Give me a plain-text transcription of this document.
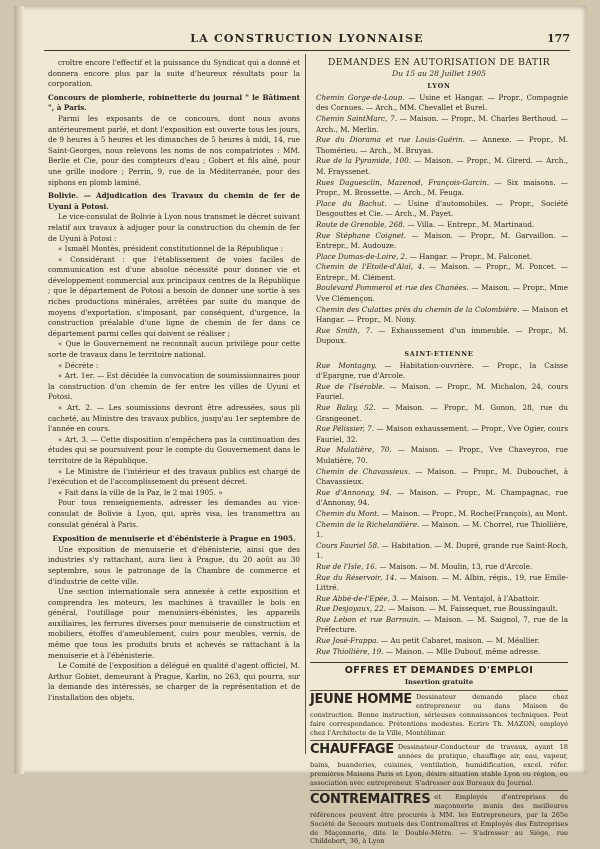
LA CONSTRUCTION LYONNAISE	177

croître encore l'effectif et la puissance du Syndicat qui a donné et donnera encore plus par la suite d'heureux résultats pour la corporation.

Concours de plomberie, robinetterie du journal " le Bâtiment ", à Paris.

Parmi les exposants de ce concours, dont nous avons antérieurement parlé, et dont l'exposition est ouverte tous les jours, de 9 heures à 5 heures et les dimanches de 5 heures à midi, 14, rue Saint-Georges, nous relevons les noms de nos compatriotes : MM. Berlie et Cie, pour des compteurs d'eau ; Gobert et fils aîné, pour une grille inodore ; Perrin, 9, rue de la Méditerranée, pour des siphons en plomb laminé.

Bolivie. — Adjudication des Travaux du chemin de fer de Uyuni à Potosi.

Le vice-consulat de Bolivie à Lyon nous transmet le décret suivant relatif aux travaux à adjuger pour la construction du chemin de fer de Uyuni à Potosi :

« Ismaël Montès, président constitutionnel de la République :

« Considérant : que l'établissement de voies faciles de communication est d'une absolue nécessité pour donner vie et développement commercial aux principaux centres de la République ; que le département de Potosi a besoin de donner une sortie à ses riches productions minérales, arrêtées par suite du manque de moyens d'exportation, s'imposant, par conséquent, d'urgence, la construction préalable d'une ligne de chemin de fer dans ce département parmi celles qui doivent se réaliser ;

« Que le Gouvernement ne reconnaît aucun privilège pour cette sorte de travaux dans le territoire national.

« Décrète :

« Art. 1er. — Est décidée la convocation de soumissionnaires pour la construction d'un chemin de fer entre les villes de Uyuni et Potosi.

« Art. 2. — Les soumissions devront être adressées, sous pli cacheté, au Ministre des travaux publics, jusqu'au 1er septembre de l'année en cours.

« Art. 3. — Cette disposition n'empêchera pas la continuation des études qui se poursuivent pour le compte du Gouvernement dans le territoire de la République.

« Le Ministre de l'intérieur et des travaux publics est chargé de l'exécution et de l'accomplissement du présent décret.

« Fait dans la ville de la Paz, le 2 mai 1905. »

Pour tous renseignements, adresser les demandes au vice-consulat de Bolivie à Lyon, qui, après visa, les transmettra au consulat général à Paris.

Exposition de menuiserie et d'ébénisterie à Prague en 1905.

Une exposition de menuiserie et d'ébénisterie, ainsi que des industries s'y rattachant, aura lieu à Prague, du 20 août au 30 septembre, sous le patronage de la Chambre de commerce et d'industrie de cette ville.

Une section internationale sera annexée à cette exposition et comprendra les moteurs, les machines à travailler le bois en général, l'outillage pour menuisiers-ébénistes, les appareils auxiliaires, les ferrures diverses pour menuiserie de construction et mobiliers, étoffes d'ameublement, cuirs pour meubles, vernis, de même que tous les produits bruts et achevés se rattachant à la menuiserie et à l'ébénisterie.

Le Comité de l'exposition a délégué en qualité d'agent officiel, M. Arthur Gobiet, demeurant à Prague, Karlin, no 263, qui pourra, sur la demande des intéressés, se charger de la représentation et de l'installation des objets.

DEMANDES EN AUTORISATION DE BATIR
Du 15 au 28 Juillet 1905
LYON

Chemin Gorge-de-Loup. — Usine et Hangar. — Propr., Compagnie des Cornues. — Arch., MM. Chevallet et Burel.

Chemin SaintMarc, 7. — Maison. — Propr., M. Charles Berthoud. — Arch., M. Merlin.

Rue du Diorama et rue Louis-Guérin. — Annexe. — Propr., M. Thomérieu. — Arch., M. Bruyas.

Rue de la Pyramide, 100. — Maison. — Propr., M. Girerd. — Arch., M. Frayssenet.

Rues Daguesclin, Mazenod, François-Garcin. — Six maisons. — Propr., M. Brossette. — Arch., M. Feuga.

Place du Bachut. — Usine d'automobiles. — Propr., Société Desgouttes et Cie. — Arch., M. Payet.

Route de Grenoble, 268. — Villa. — Entrepr., M. Martinaud.

Rue Stéphane Coignet. — Maison. — Propr., M. Garvaillon. — Entrepr., M. Audouze.

Place Dumas-de-Loire, 2. — Hangar. — Propr., M. Falconet.

Chemin de l'Etoile-d'Alaï, 4. — Maison. — Propr., M. Poncet. — Entrepr., M. Clément.

Boulevard Pommerol et rue des Chanées. — Maison. — Propr., Mme Vve Clémençon.

Chemin des Culattes près du chemin de la Colombière. — Maison et Hangar. — Propr., M. Nony.

Rue Smith, 7. — Exhaussement d'un immeuble. — Propr., M. Dupoux.

SAINT-ETIENNE

Rue Montagny. — Habitation-ouvrière. — Propr., la Caisse d'Epargne, rue d'Arcole.

Rue de l'Isérable. — Maison. — Propr., M. Michalon, 24, cours Fauriel.

Rue Balay, 52. — Maison. — Propr., M. Gonon, 28, rue du Grangeonet.

Rue Pélissier, 7. — Maison exhaussement. — Propr., Vve Ogier, cours Fauriel, 32.

Rue Mulatière, 70. — Maison. — Propr., Vve Chaveyroo, rue Mulatière, 70.

Chemin de Chavassieux. — Maison. — Propr., M. Dubouchet, à Chavassieux.

Rue d'Annonay, 94. — Maison. — Propr., M. Champagnac, rue d'Annonay, 94.

Chemin du Mont. — Maison. — Propr., M. Roche(François), au Mont.

Chemin de la Richelandière. — Maison. — M. Chorrel, rue Thiollière, 1.

Cours Fauriel 58. — Habitation. — M. Dupré, grande rue Saint-Roch, 1.

Rue de l'Isle, 16. — Maison. — M. Moulin, 13, rue d'Arcole.

Rue du Réservoir, 14. — Maison. — M. Albin, régis., 19, rue Emile-Littré.

Rue Abbé-de-l'Epée, 3. — Maison. — M. Ventajol, à l'Abattoir.

Rue Desjoyaux, 22. — Maison. — M. Faissequet, rue Boussingault.

Rue Lebon et rue Barrouin. — Maison. — M. Saignol, 7, rue de la Préfecture.

Rue José-Frappa. — Au petit Cabaret, maison. — M. Méallier.

Rue Thiollière, 19. — Maison. — Mlle Dubouf, même adresse.

OFFRES ET DEMANDES D'EMPLOI
Insertion gratuite
JEUNE HOMME Dessinateur demande place chez entrepreneur ou dans Maison de construction. Bonne instruction, sérieuses connaissances techniques. Peut faire correspondance. Prétentions modestes. Ecrire Th. MAZON, employé chez l'Architecte de la Ville, Montélimar.
CHAUFFAGE Dessinateur-Conducteur de travaux, ayant 18 années de pratique, chauffage air, eau, vapeur, bains, buanderies, cuisines, ventilation, humidification, excel. réfer. premières Maisons Paris et Lyon, désire situation stable Lyon ou région, ou association avec entrepreneur. S'adresser aux Bureaux du Journal.
CONTREMAITRES et Employés d'entreprises de maçonnerie munis des meilleures références peuvent être procurés à MM. les Entrepreneurs, par la 265e Société de Secours mutuels des Contremaîtres et Employés des Entreprises de Maçonnerie, dite le Double-Mètre. — S'adresser au Siège, rue Childebert, 36, à Lyon
